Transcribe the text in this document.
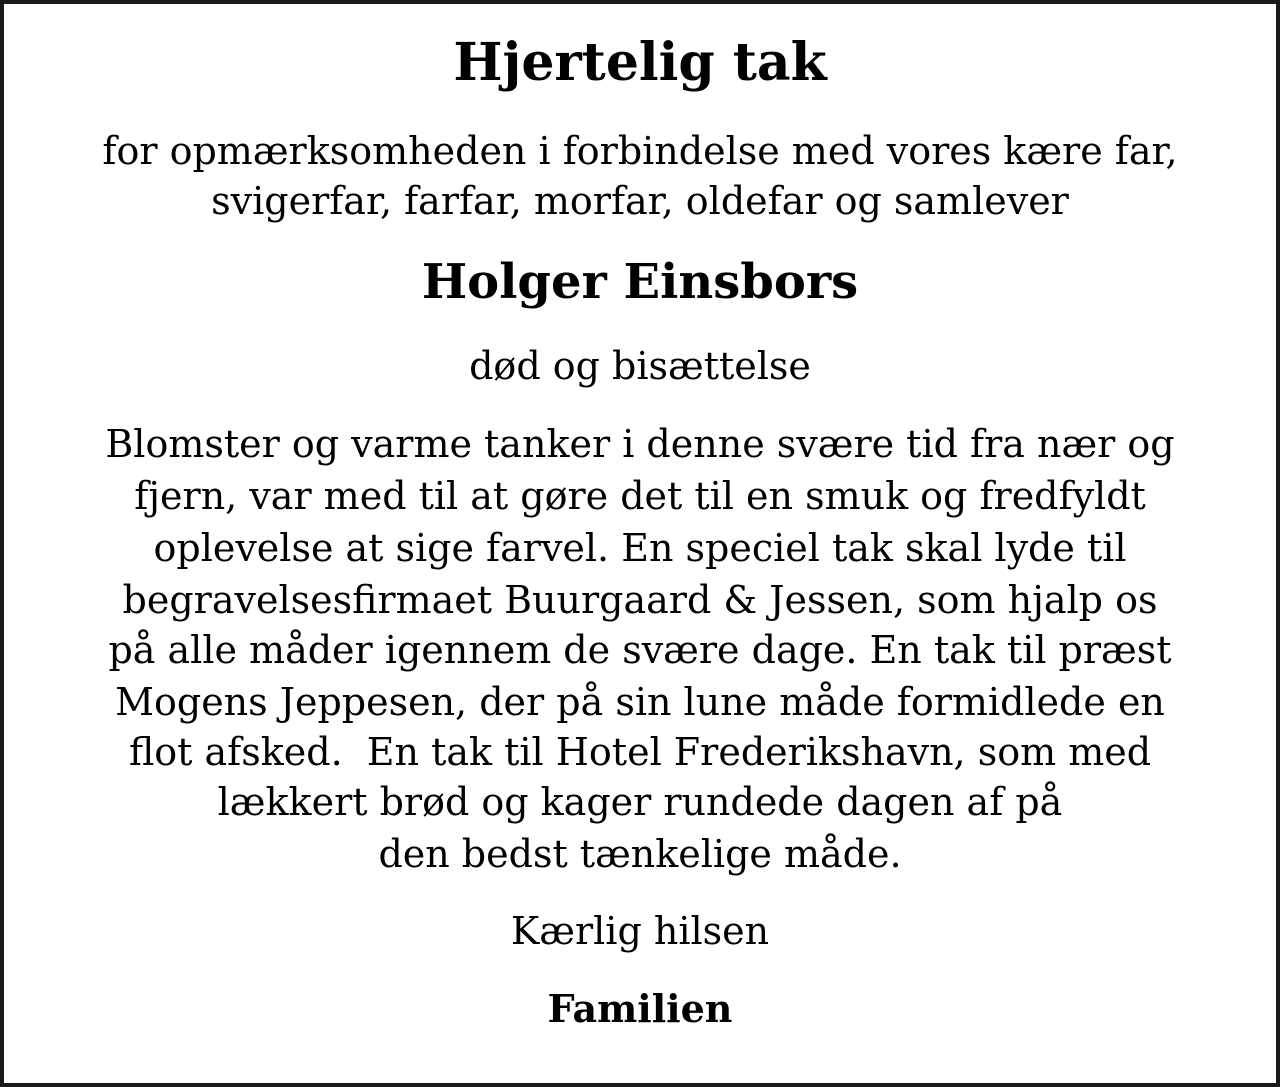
Hjertelig tak
for opmærksomheden i forbindelse med vores kære far,
svigerfar, farfar, morfar, oldefar og samlever
Holger Einsbors
død og bisættelse
Blomster og varme tanker i denne svære tid fra nær og
fjern, var med til at gøre det til en smuk og fredfyldt
oplevelse at sige farvel. En speciel tak skal lyde til
begravelsesfirmaet Buurgaard & Jessen, som hjalp os
på alle måder igennem de svære dage. En tak til præst
Mogens Jeppesen, der på sin lune måde formidlede en
flot afsked.  En tak til Hotel Frederikshavn, som med
lækkert brød og kager rundede dagen af på
den bedst tænkelige måde.
Kærlig hilsen
Familien
